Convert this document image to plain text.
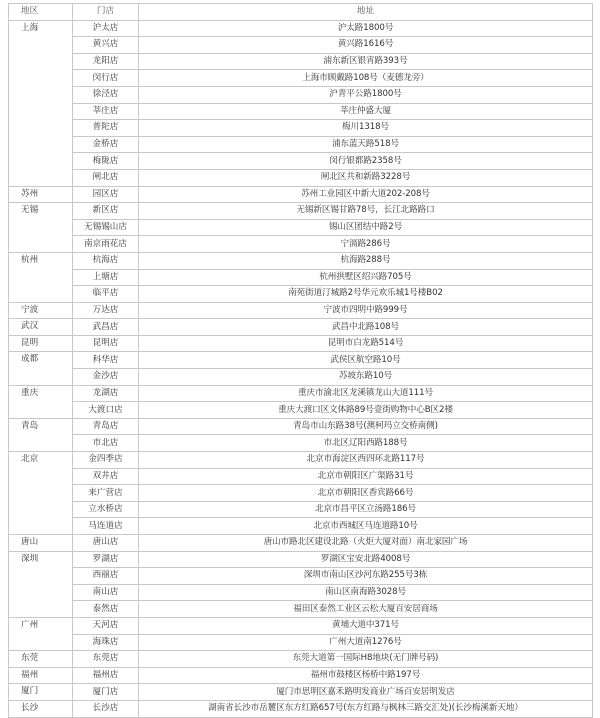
地区	门店	地址
上海	沪太店	沪太路1800号
	黄兴店	黄兴路1616号
	龙阳店	浦东新区银宵路393号
	闵行店	上海市顾戴路108号（麦德龙旁）
	徐泾店	沪青平公路1800号
	莘庄店	莘庄仲盛大厦
	普陀店	梅川1318号
	金桥店	浦东蓝天路518号
	梅陇店	闵行银都路2358号
	闸北店	闸北区共和新路3228号
苏州	园区店	苏州工业园区中新大道202-208号
无锡	新区店	无锡新区锡甘路78号，长江北路路口
	无锡锡山店	锡山区团结中路2号
	南京雨花店	宁滆路286号
杭州	杭海店	杭海路288号
	上塘店	杭州拱墅区绍兴路705号
	临平店	南苑街道汀城路2号华元欢乐城1号楼B02
宁波	万达店	宁波市四明中路999号
武汉	武昌店	武昌中北路108号
昆明	昆明店	昆明市白龙路514号
成都	科华店	武侯区航空路10号
	金沙店	苏坡东路10号
重庆	龙湖店	重庆市渝北区龙溪镇龙山大道111号
	大渡口店	重庆大渡口区文体路89号壹街购物中心B区2楼
青岛	青岛店	青岛市山东路38号(澳柯玛立交桥南侧)
	市北店	市北区辽阳西路188号
北京	金四季店	北京市海淀区西四环北路117号
	双井店	北京市朝阳区广渠路31号
	来广营店	北京市朝阳区香宾路66号
	立水桥店	北京市昌平区立汤路186号
	马连道店	北京市西城区马连道路10号
唐山	唐山店	唐山市路北区建设北路（火炬大厦对面）南北家园广场
深圳	罗湖店	罗湖区宝安北路4008号
	西丽店	深圳市南山区沙河东路255号3栋
	南山店	南山区南海路3028号
	泰然店	福田区泰然工业区云松大厦百安居商场
广州	天河店	黄埔大道中371号
	海珠店	广州大道南1276号
东莞	东莞店	东莞大道第一国际H8地块(无门牌号码)
福州	福州店	福州市鼓楼区杨桥中路197号
厦门	厦门店	厦门市思明区嘉禾路明发商业广场百安居明发店
长沙	长沙店	湖南省长沙市岳麓区东方红路657号(东方红路与枫林三路交汇处)(长沙梅溪新天地）
